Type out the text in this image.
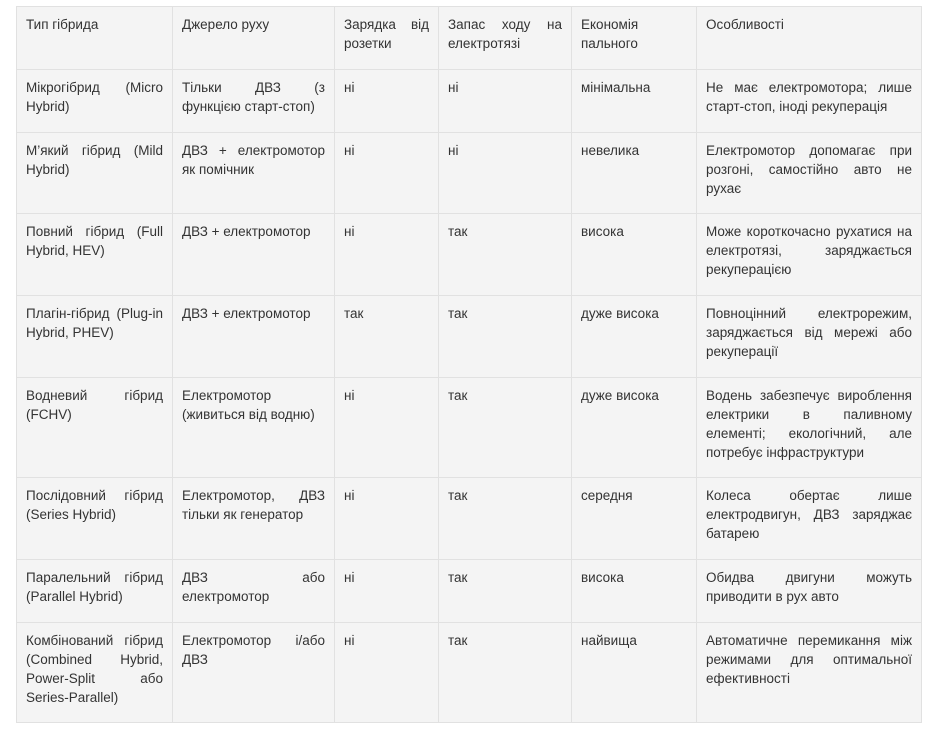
Тип гібрида	Джерело руху	Зарядка від розетки	Запас ходу на електротязі	Економія пального	Особливості
Мікрогібрид (Micro Hybrid)	Тільки ДВЗ (з функцією старт-стоп)	ні	ні	мінімальна	Не має електромотора; лише старт-стоп, іноді рекуперація
М’який гібрид (Mild Hybrid)	ДВЗ + електромотор як помічник	ні	ні	невелика	Електромотор допомагає при розгоні, самостійно авто не рухає
Повний гібрид (Full Hybrid, HEV)	ДВЗ + електромотор	ні	так	висока	Може короткочасно рухатися на електротязі, заряджається рекуперацією
Плагін-гібрид (Plug-in Hybrid, PHEV)	ДВЗ + електромотор	так	так	дуже висока	Повноцінний електрорежим, заряджається від мережі або рекуперації
Водневий гібрид (FCHV)	Електромотор (живиться від водню)	ні	так	дуже висока	Водень забезпечує вироблення електрики в паливному елементі; екологічний, але потребує інфраструктури
Послідовний гібрид (Series Hybrid)	Електромотор, ДВЗ тільки як генератор	ні	так	середня	Колеса обертає лише електродвигун, ДВЗ заряджає батарею
Паралельний гібрид (Parallel Hybrid)	ДВЗ або електромотор	ні	так	висока	Обидва двигуни можуть приводити в рух авто
Комбінований гібрид (Combined Hybrid, Power-Split або Series-Parallel)	Електромотор і/або ДВЗ	ні	так	найвища	Автоматичне перемикання між режимами для оптимальної ефективності
